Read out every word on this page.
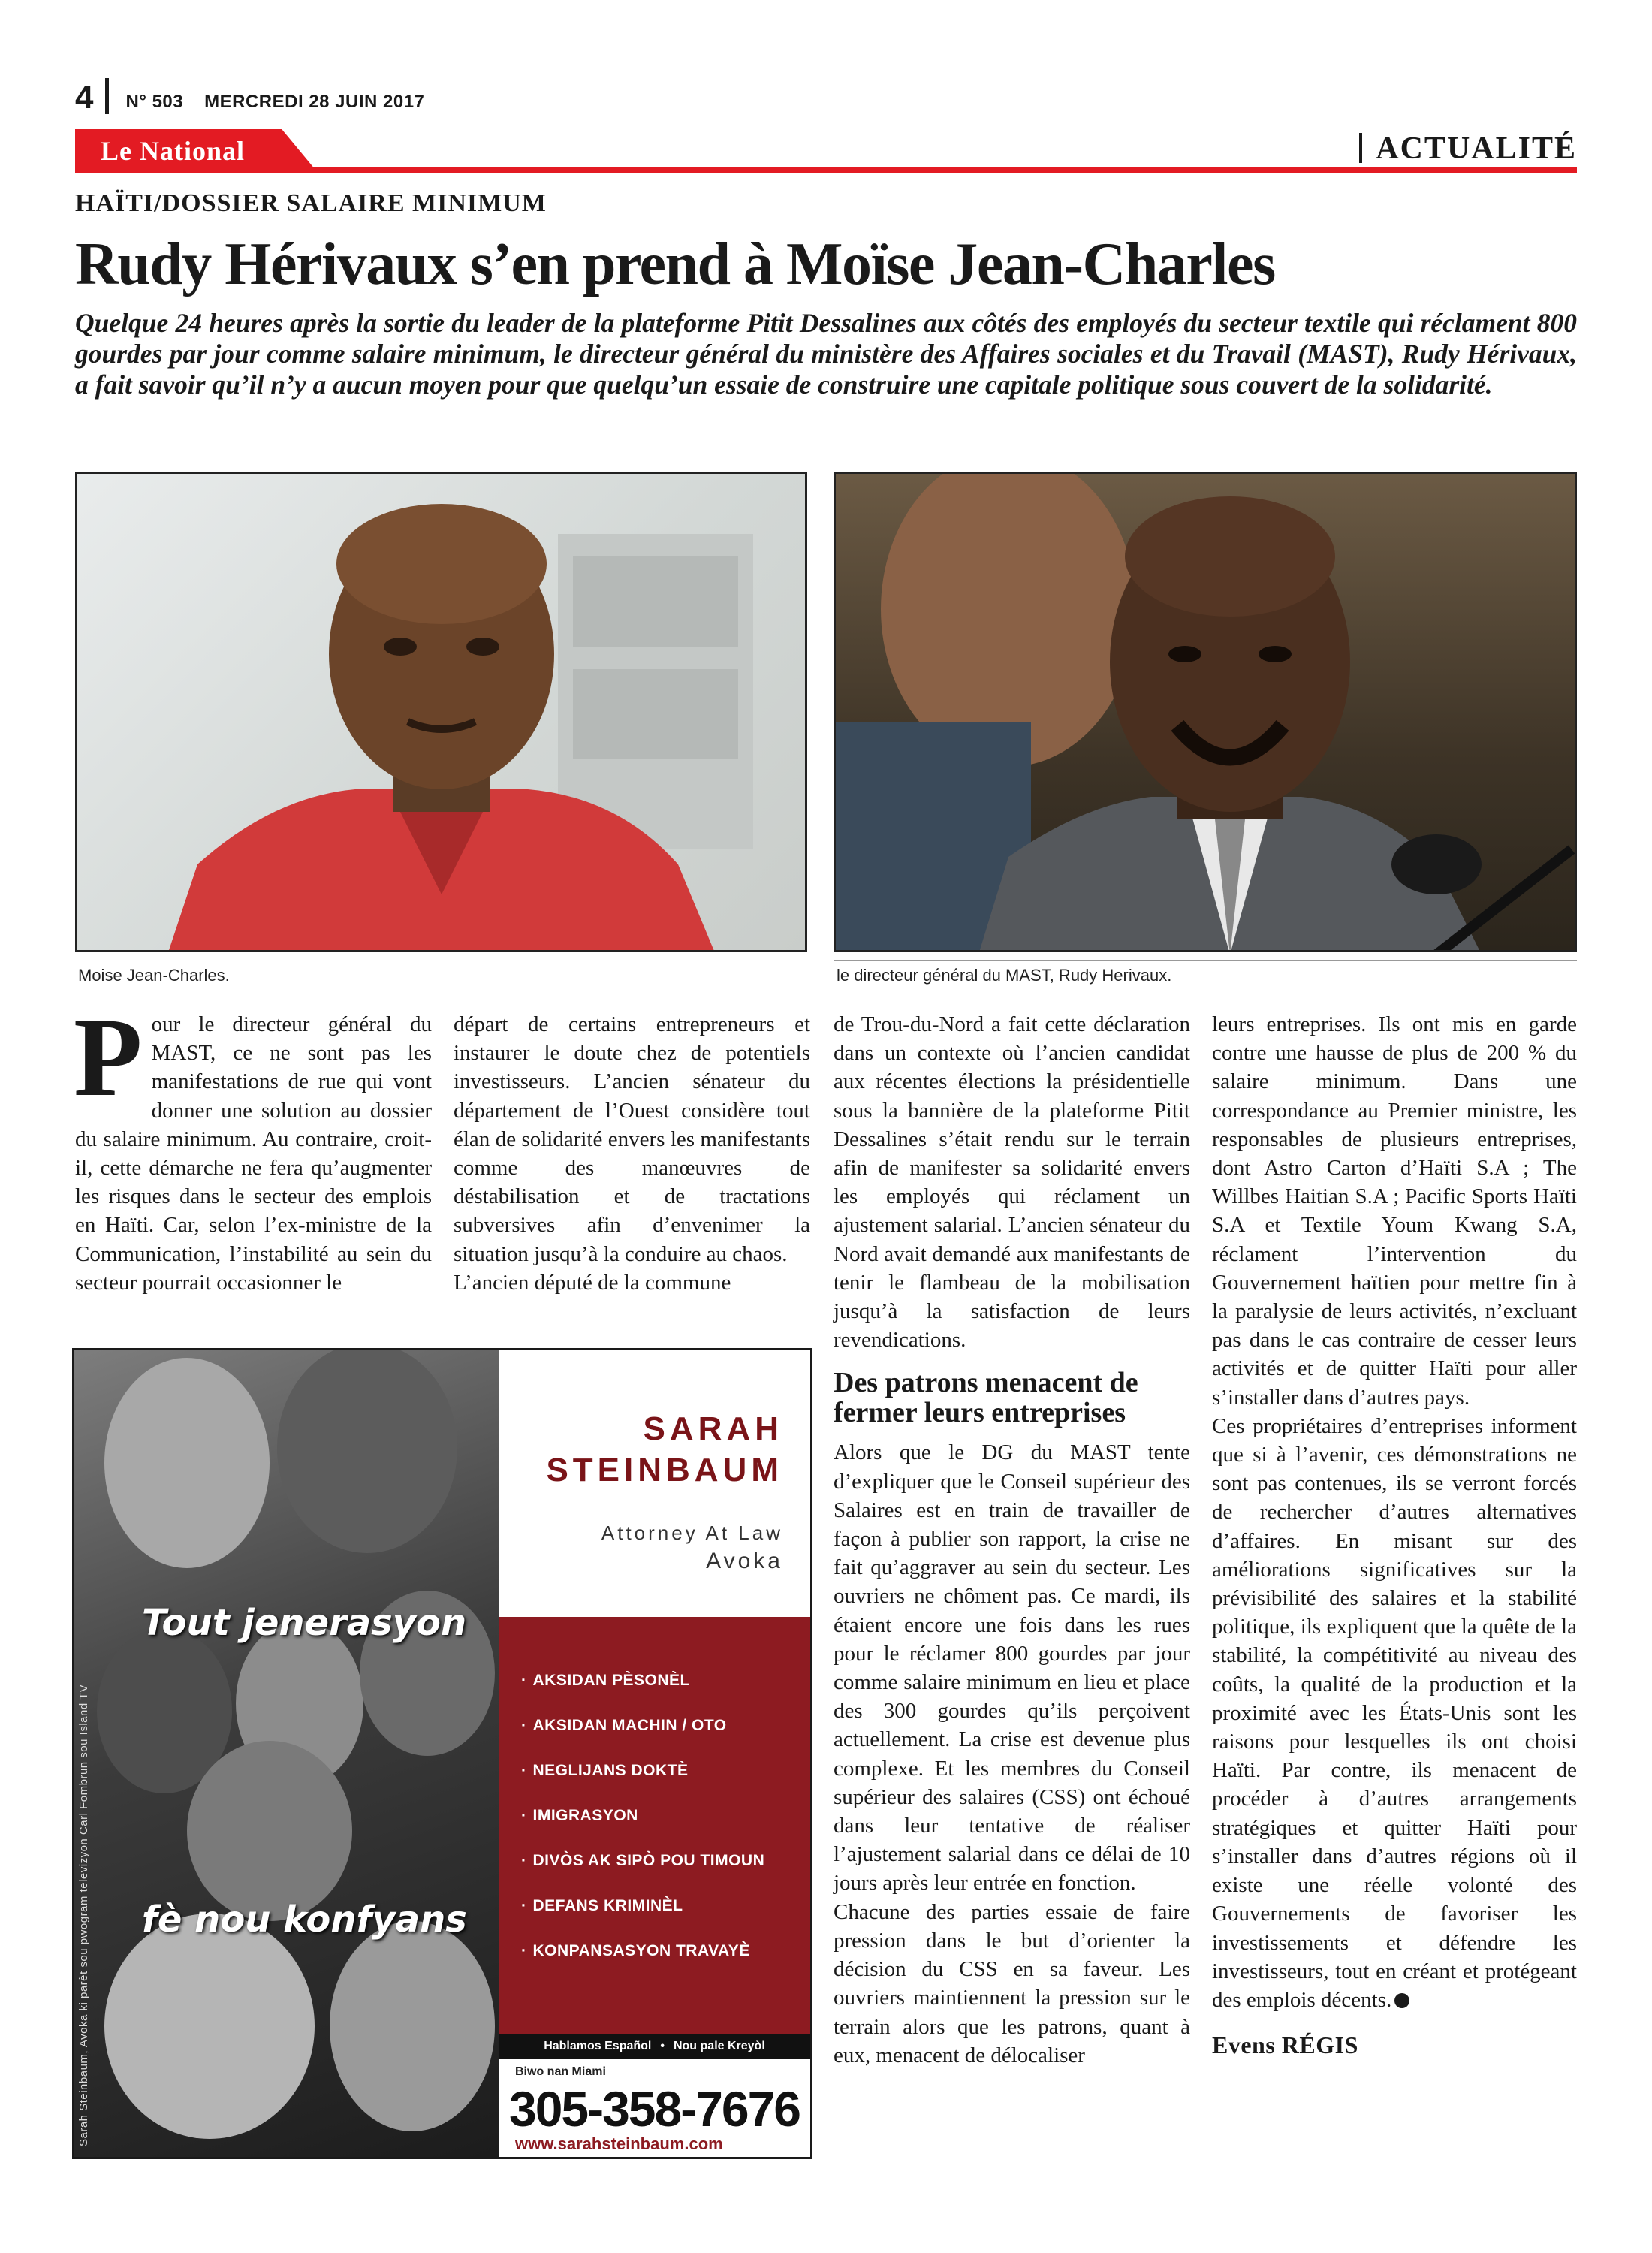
4 N° 503 MERCREDI 28 JUIN 2017
Le National	ACTUALITÉ
HAÏTI/DOSSIER SALAIRE MINIMUM
Rudy Hérivaux s’en prend à Moïse Jean-Charles

Quelque 24 heures après la sortie du leader de la plateforme Pitit Dessalines aux côtés des employés du secteur textile qui réclament 800 gourdes par jour comme salaire minimum, le directeur général du ministère des Affaires sociales et du Travail (MAST), Rudy Hérivaux, a fait savoir qu’il n’y a aucun moyen pour que quelqu’un essaie de construire une capitale politique sous couvert de la solidarité.

Moise Jean-Charles.	le directeur général du MAST, Rudy Herivaux.

Pour le directeur général du MAST, ce ne sont pas les manifestations de rue qui vont donner une solution au dossier du salaire minimum. Au contraire, croit-il, cette démarche ne fera qu’augmenter les risques dans le secteur des emplois en Haïti. Car, selon l’ex-ministre de la Communication, l’instabilité au sein du secteur pourrait occasionner le

départ de certains entrepreneurs et instaurer le doute chez de potentiels investisseurs. L’ancien sénateur du département de l’Ouest considère tout élan de solidarité envers les manifestants comme des manœuvres de déstabilisation et de tractations subversives afin d’envenimer la situation jusqu’à la conduire au chaos.

L’ancien député de la commune

de Trou-du-Nord a fait cette déclaration dans un contexte où l’ancien candidat aux récentes élections la présidentielle sous la bannière de la plateforme Pitit Dessalines s’était rendu sur le terrain afin de manifester sa solidarité envers les employés qui réclament un ajustement salarial. L’ancien sénateur du Nord avait demandé aux manifestants de tenir le flambeau de la mobilisation jusqu’à la satisfaction de leurs revendications.

Des patrons menacent de fermer leurs entreprises

Alors que le DG du MAST tente d’expliquer que le Conseil supérieur des Salaires est en train de travailler de façon à publier son rapport, la crise ne fait qu’aggraver au sein du secteur. Les ouvriers ne chôment pas. Ce mardi, ils étaient encore une fois dans les rues pour le réclamer 800 gourdes par jour comme salaire minimum en lieu et place des 300 gourdes qu’ils perçoivent actuellement. La crise est devenue plus complexe. Et les membres du Conseil supérieur des salaires (CSS) ont échoué dans leur tentative de réaliser l’ajustement salarial dans ce délai de 10 jours après leur entrée en fonction.

Chacune des parties essaie de faire pression dans le but d’orienter la décision du CSS en sa faveur. Les ouvriers maintiennent la pression sur le terrain alors que les patrons, quant à eux, menacent de délocaliser

leurs entreprises. Ils ont mis en garde contre une hausse de plus de 200 % du salaire minimum. Dans une correspondance au Premier ministre, les responsables de plusieurs entreprises, dont Astro Carton d’Haïti S.A ; The Willbes Haitian S.A ; Pacific Sports Haïti S.A et Textile Youm Kwang S.A, réclament l’intervention du Gouvernement haïtien pour mettre fin à la paralysie de leurs activités, n’excluant pas dans le cas contraire de cesser leurs activités et de quitter Haïti pour aller s’installer dans d’autres pays.

Ces propriétaires d’entreprises informent que si à l’avenir, ces démonstrations ne sont pas contenues, ils se verront forcés de rechercher d’autres alternatives d’affaires. En misant sur des améliorations significatives sur la prévisibilité des salaires et la stabilité politique, ils expliquent que la quête de la stabilité, la compétitivité au niveau des coûts, la qualité de la production et la proximité avec les États-Unis sont les raisons pour lesquelles ils ont choisi Haïti. Par contre, ils menacent de procéder à d’autres arrangements stratégiques et quitter Haïti pour s’installer dans d’autres régions où il existe une réelle volonté des Gouvernements de favoriser les investissements et défendre les investisseurs, tout en créant et protégeant des emplois décents.

Evens RÉGIS
Sarah Steinbaum, Avoka ki parèt sou pwogram televizyon Carl Fombrun sou Island TV
Tout jenerasyon
fè nou konfyans
SARAH
STEINBAUM
Attorney At Law
Avoka
· AKSIDAN PÈSONÈL
· AKSIDAN MACHIN / OTO
· NEGLIJANS DOKTÈ
· IMIGRASYON
· DIVÒS AK SIPÒ POU TIMOUN
· DEFANS KRIMINÈL
· KONPANSASYON TRAVAYÈ
Hablamos Español • Nou pale Kreyòl
Biwo nan Miami
305-358-7676
www.sarahsteinbaum.com
